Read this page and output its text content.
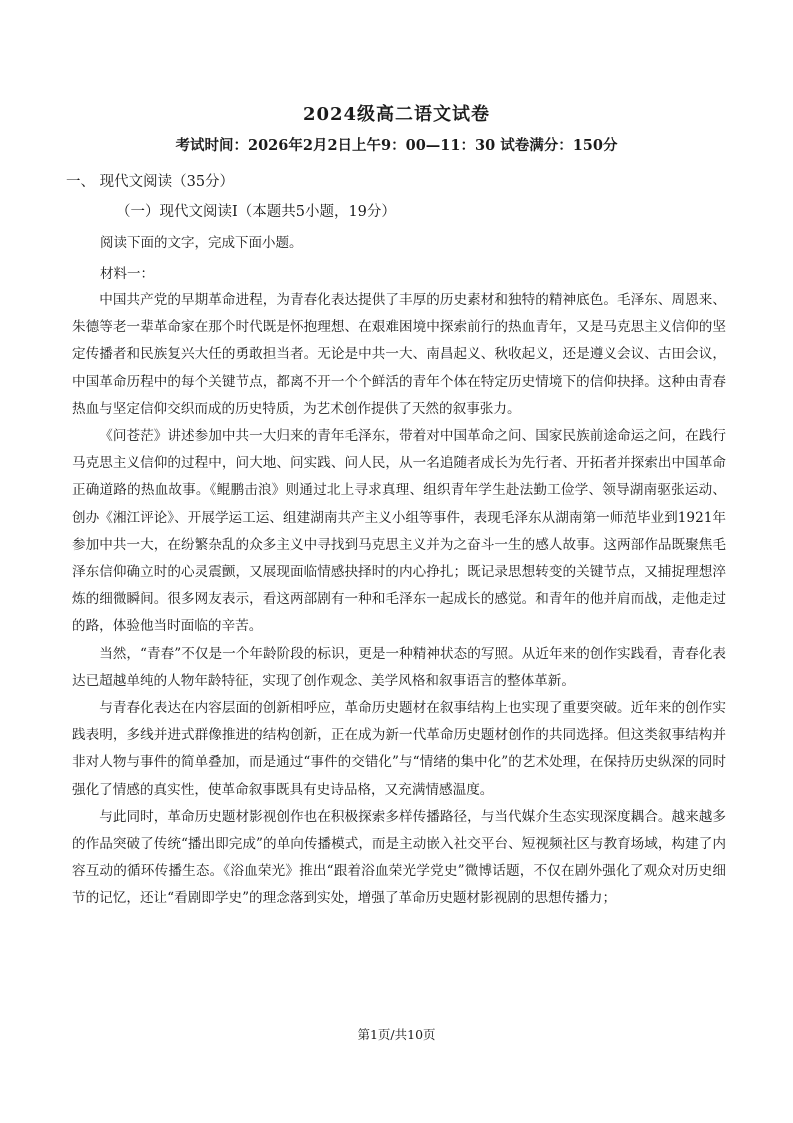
2024级高二语文试卷
考试时间：2026年2月2日上午9：00—11：30 试卷满分：150分
一、 现代文阅读（35分）
（一）现代文阅读Ⅰ（本题共5小题，19分）
阅读下面的文字，完成下面小题。
材料一：

中国共产党的早期革命进程，为青春化表达提供了丰厚的历史素材和独特的精神底色。毛泽东、周恩来、朱德等老一辈革命家在那个时代既是怀抱理想、在艰难困境中探索前行的热血青年，又是马克思主义信仰的坚定传播者和民族复兴大任的勇敢担当者。无论是中共一大、南昌起义、秋收起义，还是遵义会议、古田会议，中国革命历程中的每个关键节点，都离不开一个个鲜活的青年个体在特定历史情境下的信仰抉择。这种由青春热血与坚定信仰交织而成的历史特质，为艺术创作提供了天然的叙事张力。

《问苍茫》讲述参加中共一大归来的青年毛泽东，带着对中国革命之问、国家民族前途命运之问，在践行马克思主义信仰的过程中，问大地、问实践、问人民，从一名追随者成长为先行者、开拓者并探索出中国革命正确道路的热血故事。《鲲鹏击浪》则通过北上寻求真理、组织青年学生赴法勤工俭学、领导湖南驱张运动、创办《湘江评论》、开展学运工运、组建湖南共产主义小组等事件，表现毛泽东从湖南第一师范毕业到1921年参加中共一大，在纷繁杂乱的众多主义中寻找到马克思主义并为之奋斗一生的感人故事。这两部作品既聚焦毛泽东信仰确立时的心灵震颤，又展现面临情感抉择时的内心挣扎；既记录思想转变的关键节点，又捕捉理想淬炼的细微瞬间。很多网友表示，看这两部剧有一种和毛泽东一起成长的感觉。和青年的他并肩而战，走他走过的路，体验他当时面临的辛苦。

当然，“青春”不仅是一个年龄阶段的标识，更是一种精神状态的写照。从近年来的创作实践看，青春化表达已超越单纯的人物年龄特征，实现了创作观念、美学风格和叙事语言的整体革新。

与青春化表达在内容层面的创新相呼应，革命历史题材在叙事结构上也实现了重要突破。近年来的创作实践表明，多线并进式群像推进的结构创新，正在成为新一代革命历史题材创作的共同选择。但这类叙事结构并非对人物与事件的简单叠加，而是通过“事件的交错化”与“情绪的集中化”的艺术处理，在保持历史纵深的同时强化了情感的真实性，使革命叙事既具有史诗品格，又充满情感温度。

与此同时，革命历史题材影视创作也在积极探索多样传播路径，与当代媒介生态实现深度耦合。越来越多的作品突破了传统“播出即完成”的单向传播模式，而是主动嵌入社交平台、短视频社区与教育场域，构建了内容互动的循环传播生态。《浴血荣光》推出“跟着浴血荣光学党史”微博话题，不仅在剧外强化了观众对历史细节的记忆，还让“看剧即学史”的理念落到实处，增强了革命历史题材影视剧的思想传播力；

第1页/共10页
